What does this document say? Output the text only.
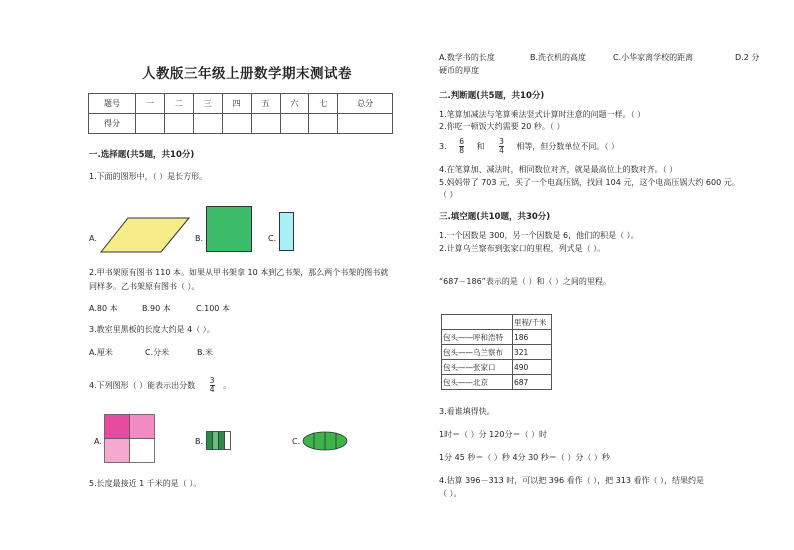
人教版三年级上册数学期末测试卷
题号	一	二	三	四	五	六	七	总分
得分								
一.选择题(共5题，共10分)
1.下面的图形中，（ ）是长方形。
A.	B.	C.
2.甲书架原有图书 110 本。如果从甲书架拿 10 本到乙书架，那么两个书架的图书就
同样多。乙书架原有图书（ ）。
A.80 本	B.90 本	C.100 本
3.教室里黑板的长度大约是 4（ ）。
A.厘米	C.分米	B.米
4.下列图形（ ）能表示出分数 $\frac{3}{4}$ 。
A.	B.	C.
5.长度最接近 1 千米的是（ ）。
A.数学书的长度	B.洗衣机的高度	C.小华家离学校的距离	D.2 分
硬币的厚度
二.判断题(共5题，共10分)
1.笔算加减法与笔算乘法竖式计算时注意的问题一样。（ ）
2.你吃一顿饭大约需要 20 秒。（ ）
3. $\frac{6}{8}$ 和 $\frac{3}{4}$ 相等，但分数单位不同。（ ）
4.在笔算加、减法时，相同数位对齐，就是最高位上的数对齐。（ ）
5.妈妈带了 703 元，买了一个电高压锅，找回 104 元，这个电高压锅大约 600 元。
（ ）
三.填空题(共10题，共30分)
1.一个因数是 300，另一个因数是 6，他们的积是（ ）。
2.计算乌兰察布到张家口的里程，列式是（ ）。
“687－186”表示的是（ ）和（ ）之间的里程。
	里程/千米
包头——呼和浩特	186
包头——乌兰察布	321
包头——张家口	490
包头——北京	687
3.看谁填得快。
1时＝（ ）分 120分＝（ ）时
1分 45 秒＝（ ）秒 4分 30 秒＝（ ）分（ ）秒
4.估算 396－313 时，可以把 396 看作（ ），把 313 看作（ ），结果约是
（ ）。
